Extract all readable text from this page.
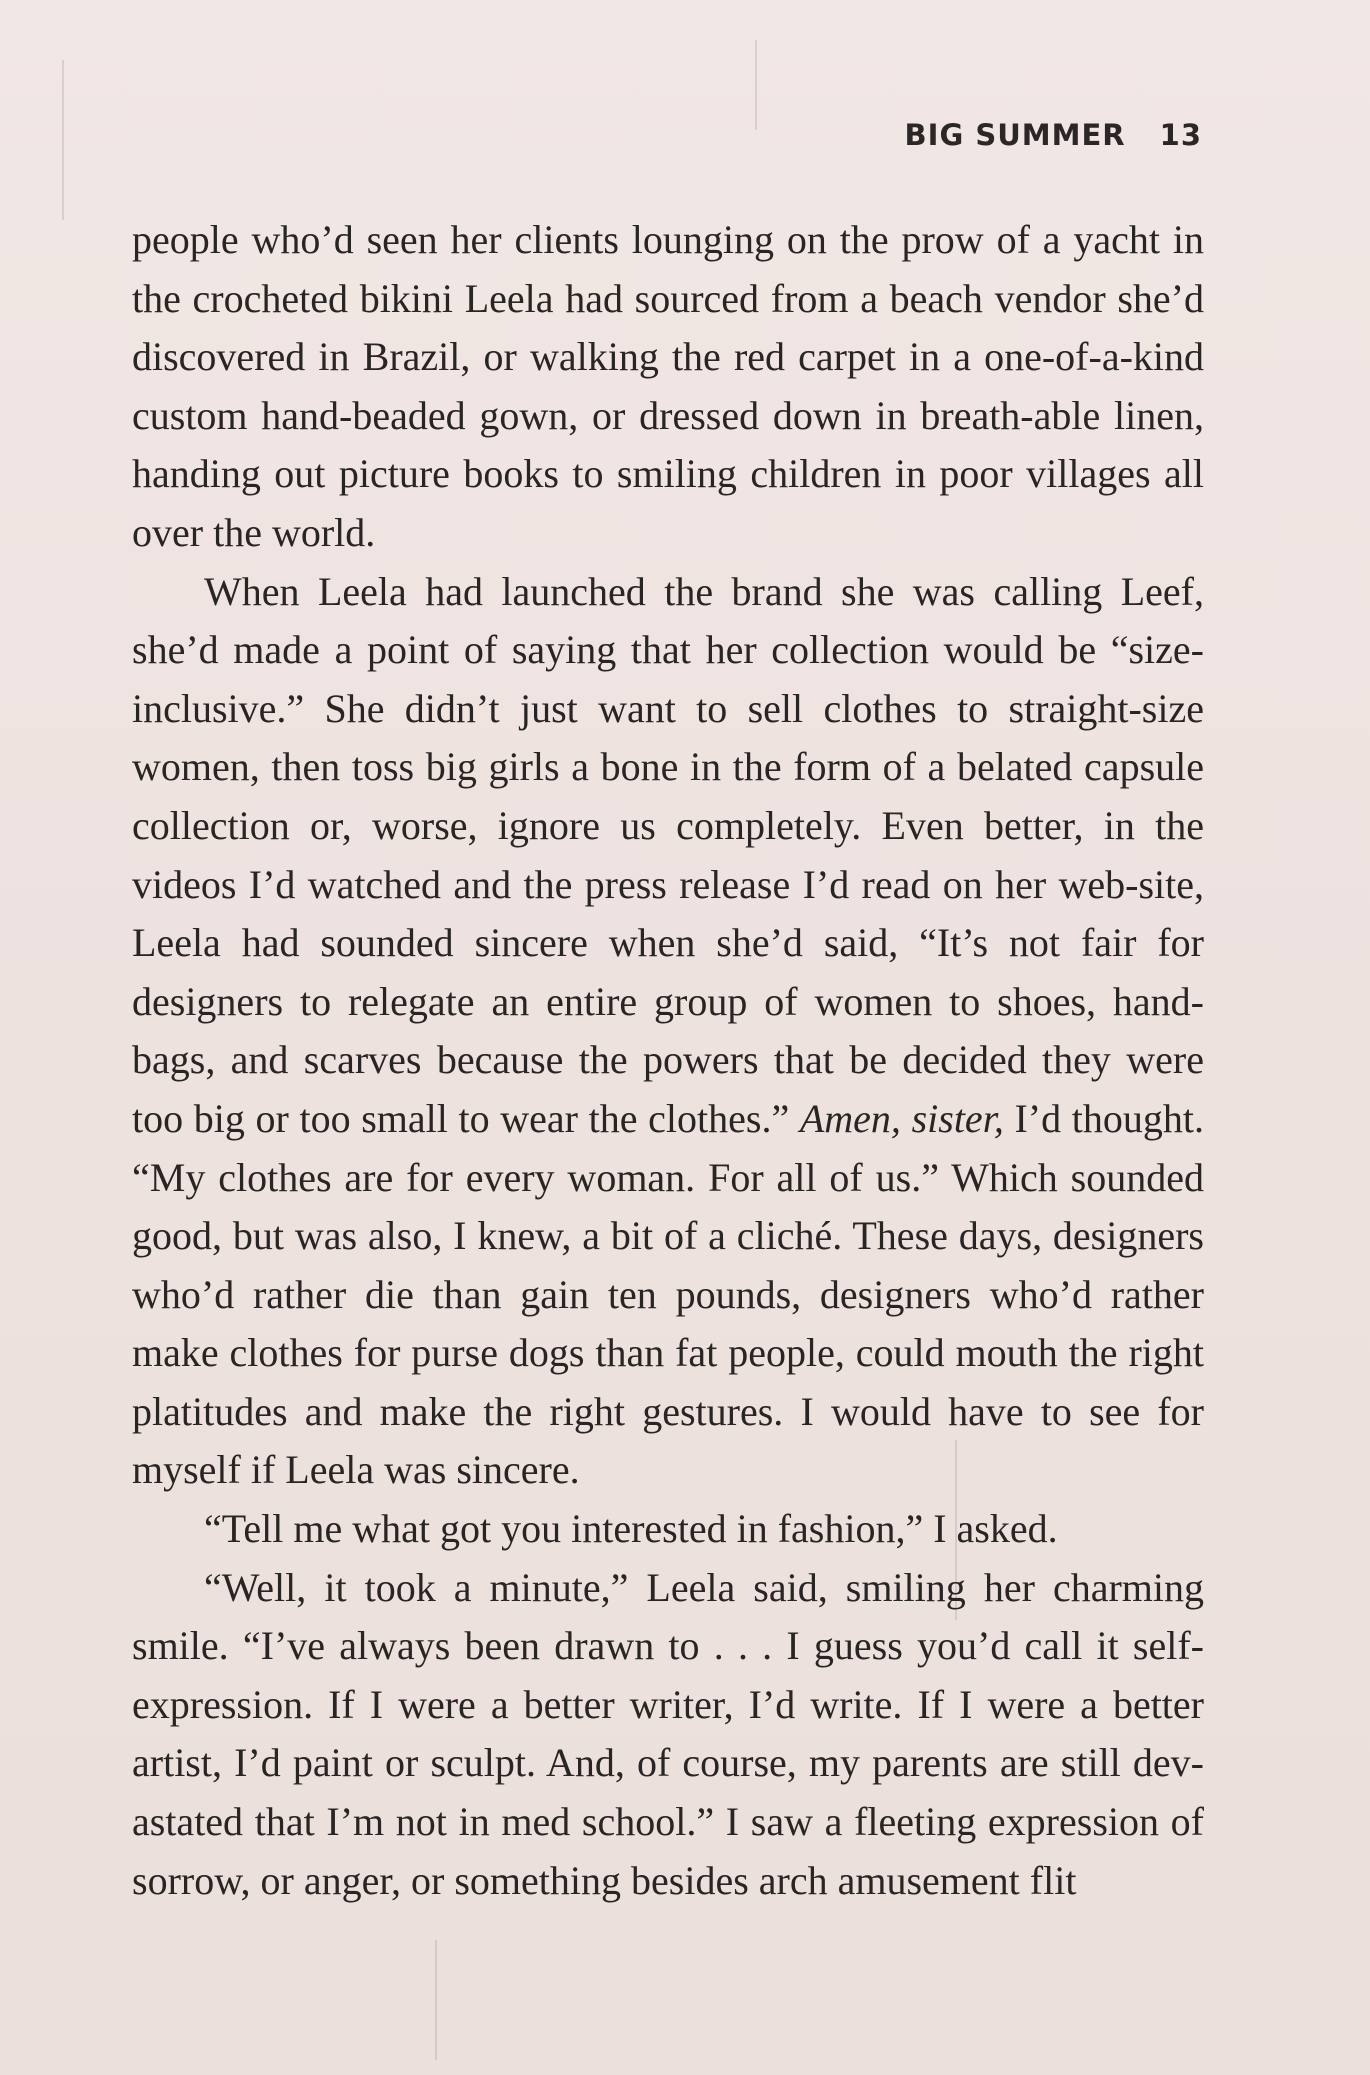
BIG SUMMER 13

people who’d seen her clients lounging on the prow of a yacht in the crocheted bikini Leela had sourced from a beach vendor she’d discovered in Brazil, or walking the red carpet in a one-of-a-kind custom hand-beaded gown, or dressed down in breath-able linen, handing out picture books to smiling children in poor villages all over the world.

When Leela had launched the brand she was calling Leef, she’d made a point of saying that her collection would be “size-inclusive.” She didn’t just want to sell clothes to straight-size women, then toss big girls a bone in the form of a belated capsule collection or, worse, ignore us completely. Even better, in the videos I’d watched and the press release I’d read on her web-site, Leela had sounded sincere when she’d said, “It’s not fair for designers to relegate an entire group of women to shoes, hand-bags, and scarves because the powers that be decided they were too big or too small to wear the clothes.” Amen, sister, I’d thought. “My clothes are for every woman. For all of us.” Which sounded good, but was also, I knew, a bit of a cliché. These days, designers who’d rather die than gain ten pounds, designers who’d rather make clothes for purse dogs than fat people, could mouth the right platitudes and make the right gestures. I would have to see for myself if Leela was sincere.

“Tell me what got you interested in fashion,” I asked.

“Well, it took a minute,” Leela said, smiling her charming smile. “I’ve always been drawn to . . . I guess you’d call it self-expression. If I were a better writer, I’d write. If I were a better artist, I’d paint or sculpt. And, of course, my parents are still dev-astated that I’m not in med school.” I saw a fleeting expression of sorrow, or anger, or something besides arch amusement flit
